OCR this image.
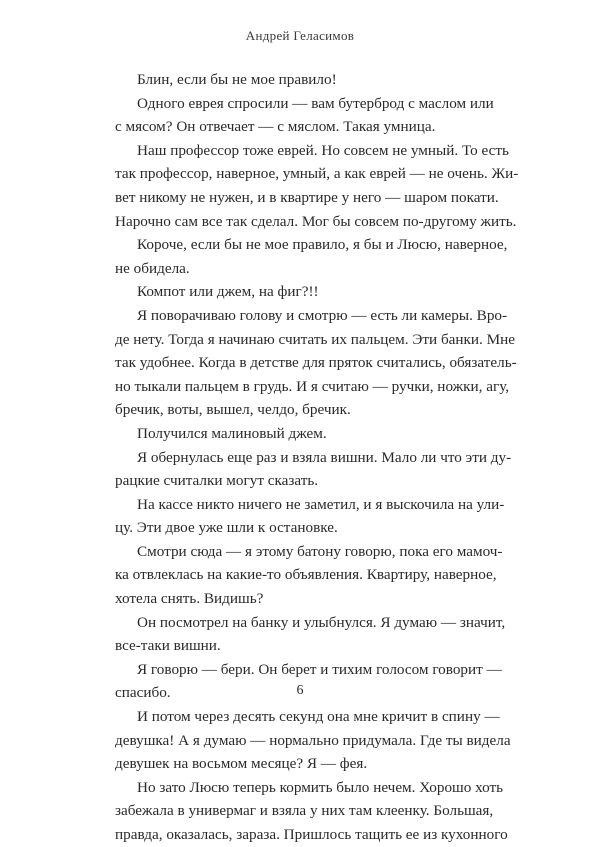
Андрей Геласимов
Блин, если бы не мое правило!
Одного еврея спросили — вам бутерброд с маслом или
с мясом? Он отвечает — с мяслом. Такая умница.
Наш профессор тоже еврей. Но совсем не умный. То есть
так профессор, наверное, умный, а как еврей — не очень. Жи-
вет никому не нужен, и в квартире у него — шаром покати.
Нарочно сам все так сделал. Мог бы совсем по-другому жить.
Короче, если бы не мое правило, я бы и Люсю, наверное,
не обидела.
Компот или джем, на фиг?!!
Я поворачиваю голову и смотрю — есть ли камеры. Вро-
де нету. Тогда я начинаю считать их пальцем. Эти банки. Мне
так удобнее. Когда в детстве для пряток считались, обязатель-
но тыкали пальцем в грудь. И я считаю — ручки, ножки, агу,
бречик, воты, вышел, челдо, бречик.
Получился малиновый джем.
Я обернулась еще раз и взяла вишни. Мало ли что эти ду-
рацкие считалки могут сказать.
На кассе никто ничего не заметил, и я выскочила на ули-
цу. Эти двое уже шли к остановке.
Смотри сюда — я этому батону говорю, пока его мамоч-
ка отвлеклась на какие-то объявления. Квартиру, наверное,
хотела снять. Видишь?
Он посмотрел на банку и улыбнулся. Я думаю — значит,
все-таки вишни.
Я говорю — бери. Он берет и тихим голосом говорит —
спасибо.
И потом через десять секунд она мне кричит в спину —
девушка! А я думаю — нормально придумала. Где ты видела
девушек на восьмом месяце? Я — фея.
Но зато Люсю теперь кормить было нечем. Хорошо хоть
забежала в универмаг и взяла у них там клеенку. Большая,
правда, оказалась, зараза. Пришлось тащить ее из кухонного
6
